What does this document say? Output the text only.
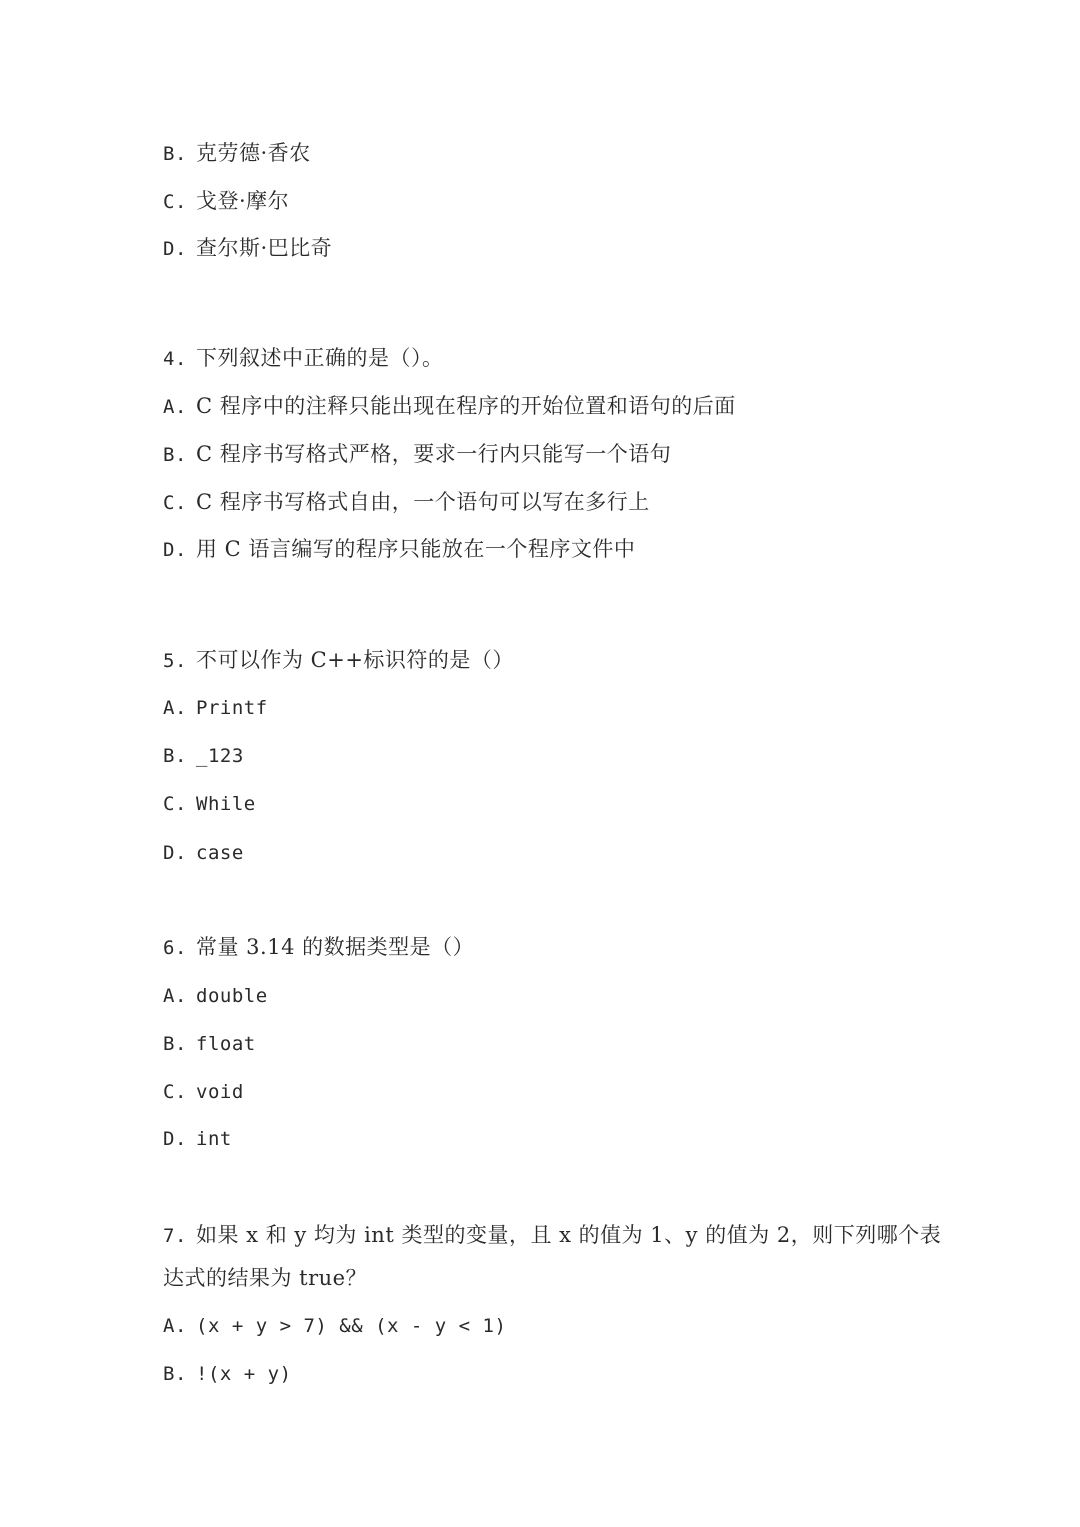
B. 克劳德·香农
C. 戈登·摩尔
D. 查尔斯·巴比奇
4. 下列叙述中正确的是（）。
A. C 程序中的注释只能出现在程序的开始位置和语句的后面
B. C 程序书写格式严格，要求一行内只能写一个语句
C. C 程序书写格式自由，一个语句可以写在多行上
D. 用 C 语言编写的程序只能放在一个程序文件中
5. 不可以作为 C++标识符的是（）
A. Printf
B. _123
C. While
D. case
6. 常量 3.14 的数据类型是（）
A. double
B. float
C. void
D. int
7. 如果 x 和 y 均为 int 类型的变量，且 x 的值为 1、y 的值为 2，则下列哪个表
达式的结果为 true？
A. (x + y > 7) && (x - y < 1)
B. !(x + y)
